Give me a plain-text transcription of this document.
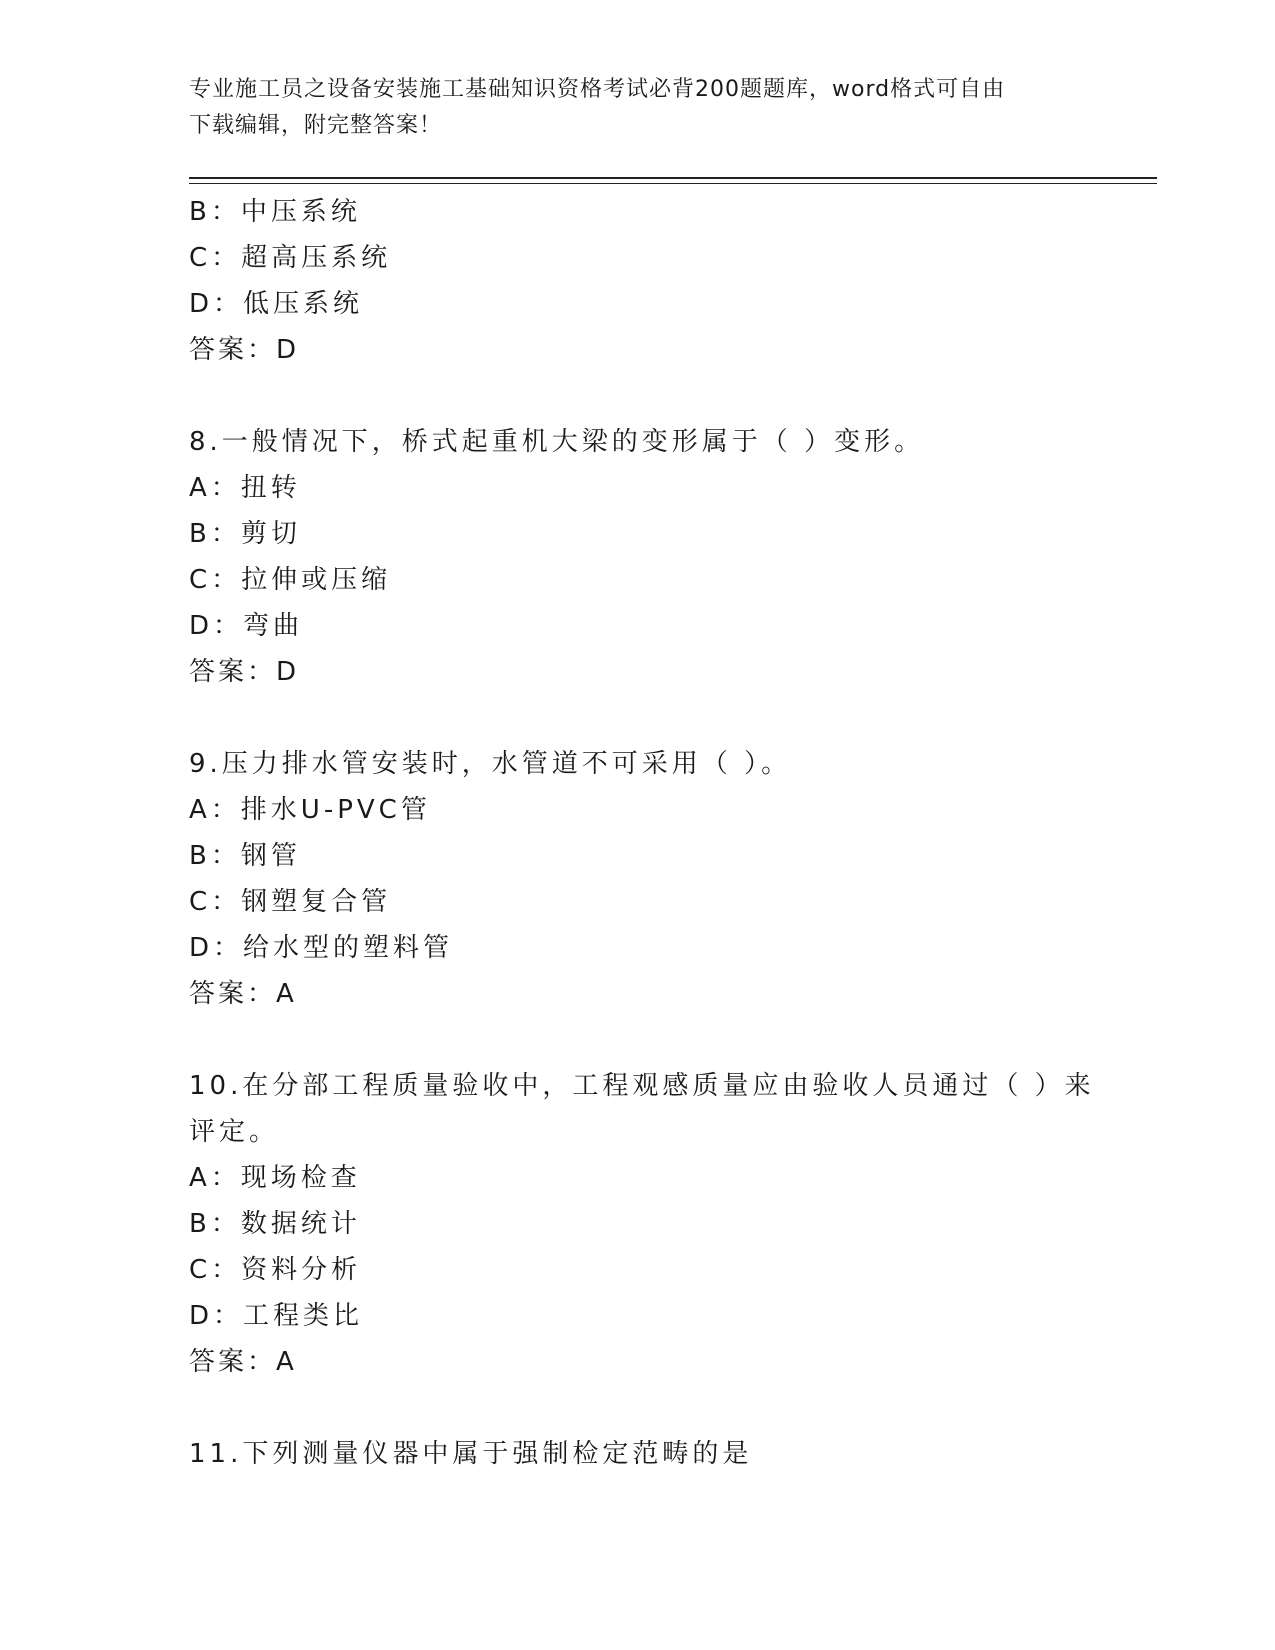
专业施工员之设备安装施工基础知识资格考试必背200题题库，word格式可自由
下载编辑，附完整答案！
B：中压系统
C：超高压系统
D：低压系统
答案：D
8.一般情况下，桥式起重机大梁的变形属于（ ）变形。
A：扭转
B：剪切
C：拉伸或压缩
D：弯曲
答案：D
9.压力排水管安装时，水管道不可采用（ ）。
A：排水U-PVC管
B：钢管
C：钢塑复合管
D：给水型的塑料管
答案：A
10.在分部工程质量验收中，工程观感质量应由验收人员通过（ ）来
评定。
A：现场检查
B：数据统计
C：资料分析
D：工程类比
答案：A
11.下列测量仪器中属于强制检定范畴的是
